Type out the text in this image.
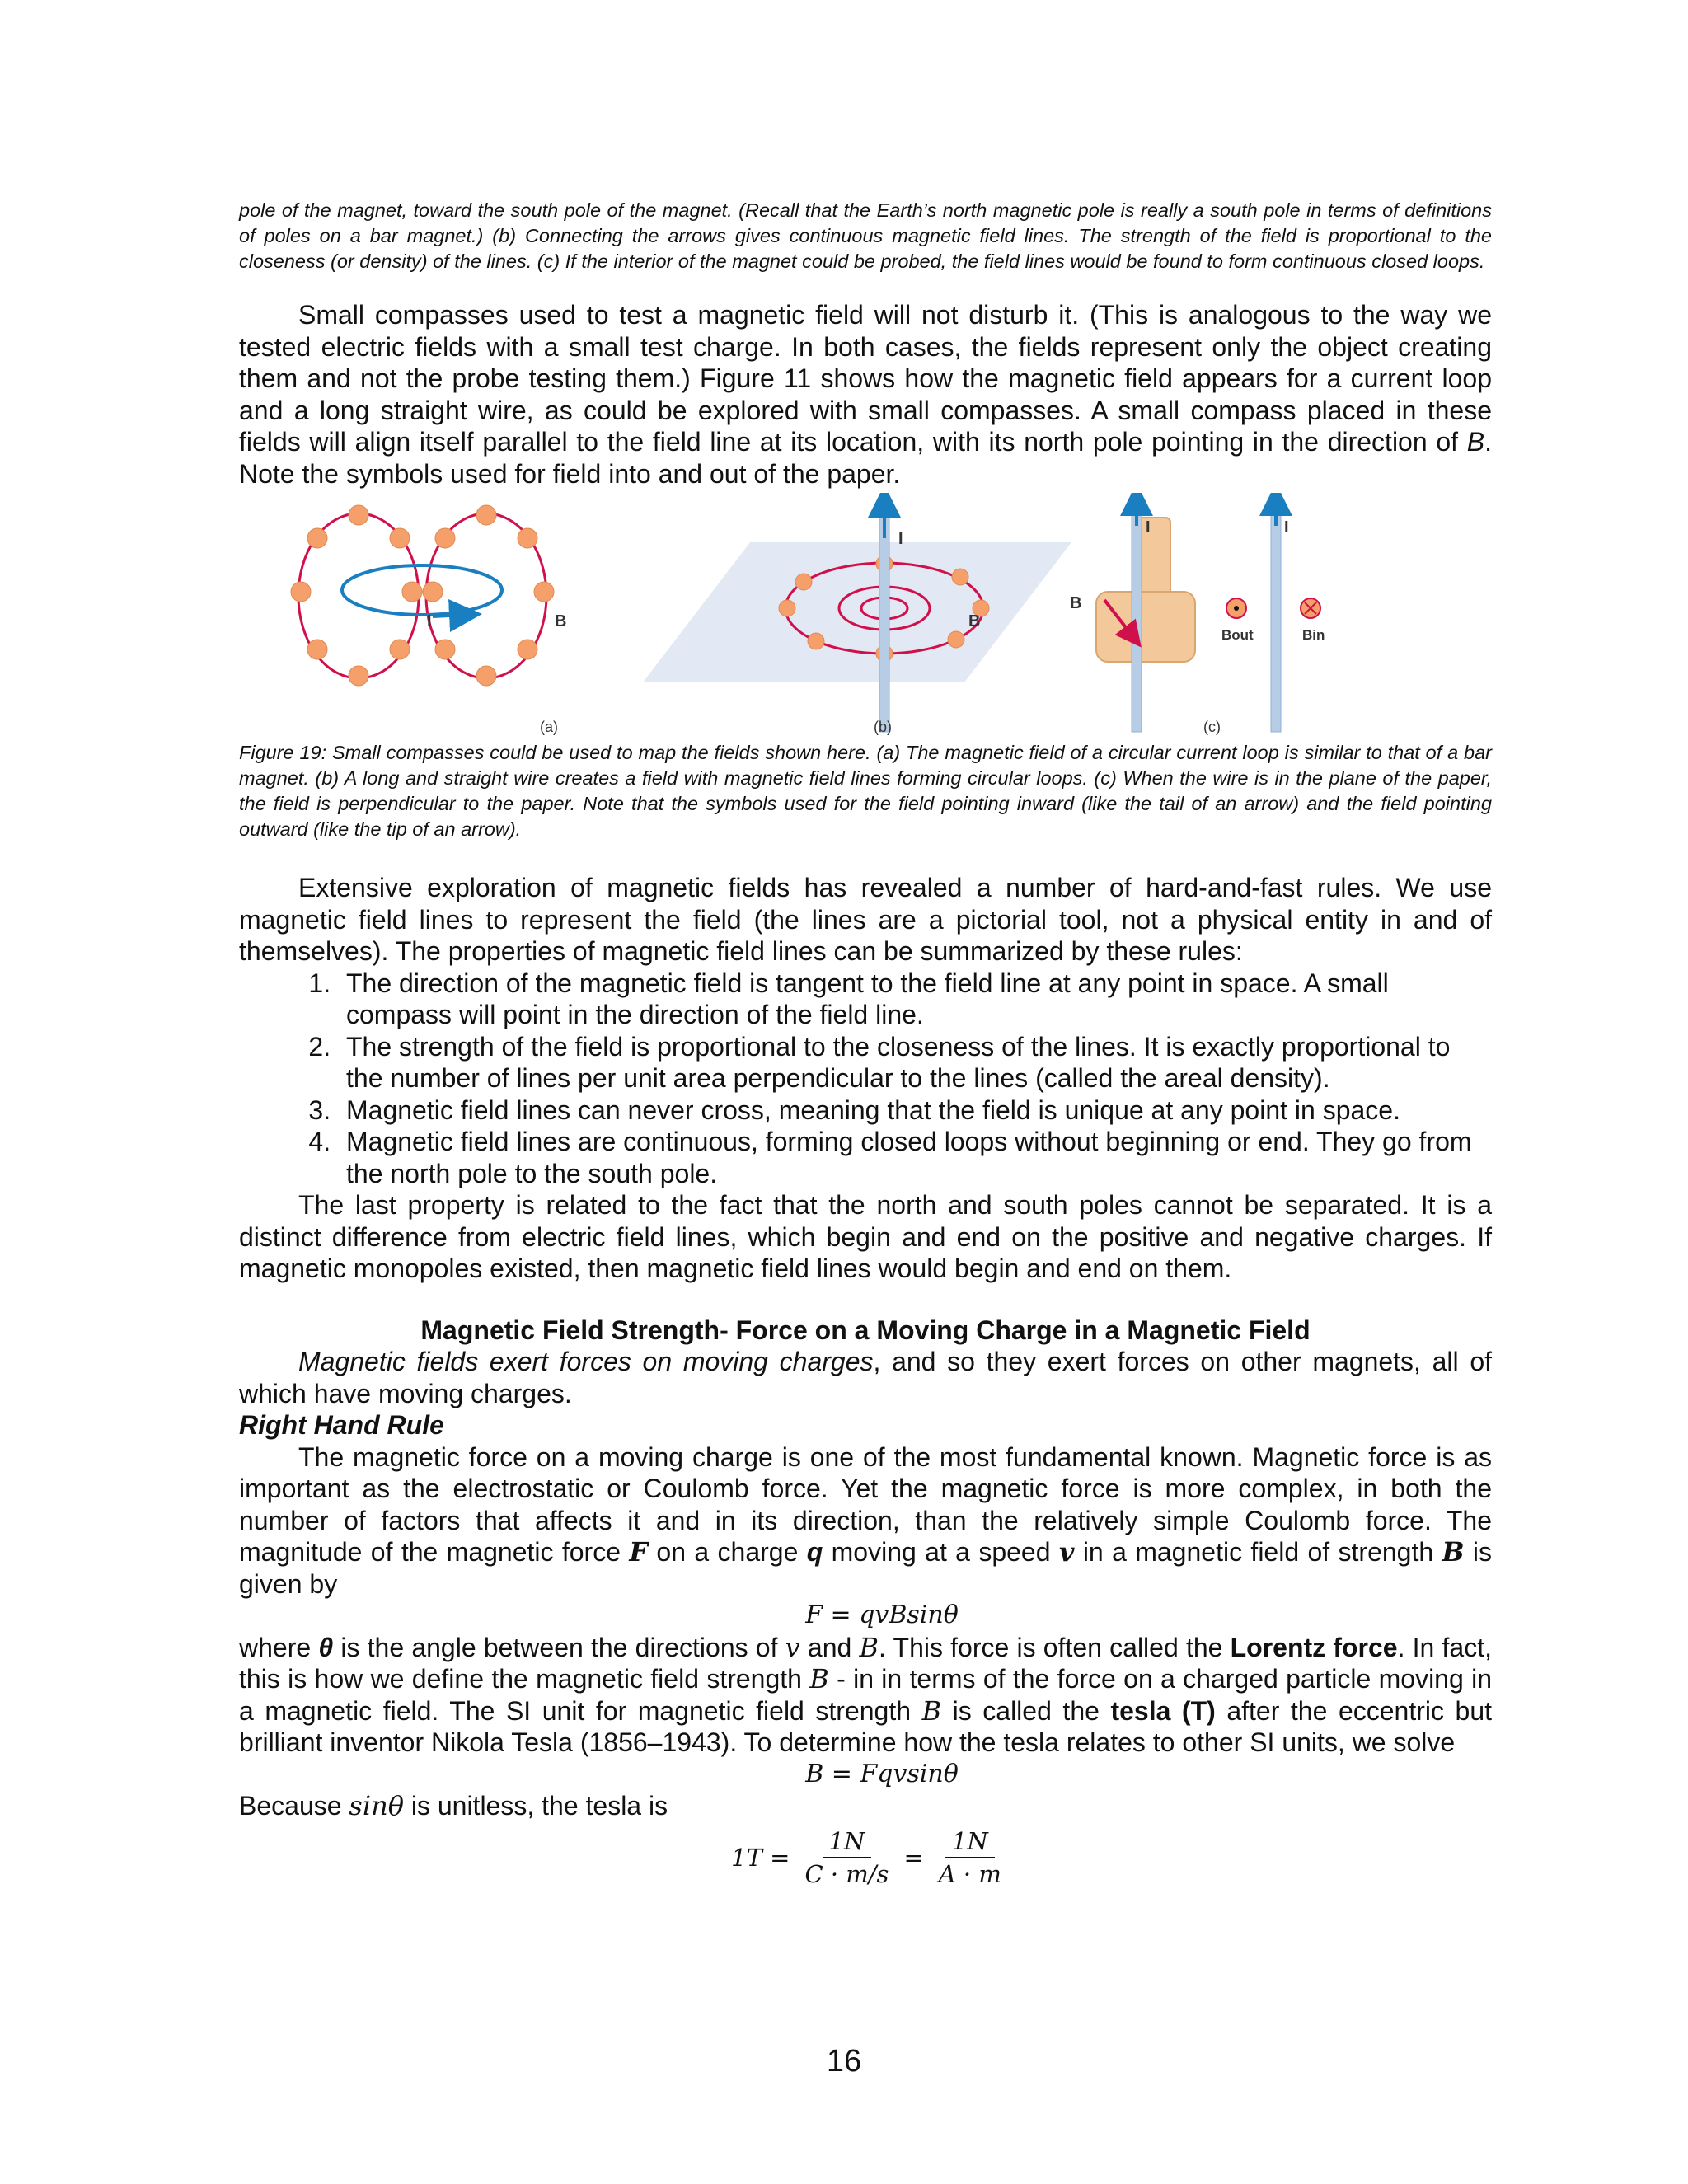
pole of the magnet, toward the south pole of the magnet. (Recall that the Earth’s north magnetic pole is really a south pole in terms of definitions of poles on a bar magnet.) (b) Connecting the arrows gives continuous magnetic field lines. The strength of the field is proportional to the closeness (or density) of the lines. (c) If the interior of the magnet could be probed, the field lines would be found to form continuous closed loops.

Small compasses used to test a magnetic field will not disturb it. (This is analogous to the way we tested electric fields with a small test charge. In both cases, the fields represent only the object creating them and not the probe testing them.) Figure 11 shows how the magnetic field appears for a current loop and a long straight wire, as could be explored with small compasses. A small compass placed in these fields will align itself parallel to the field line at its location, with its north pole pointing in the direction of B. Note the symbols used for field into and out of the paper.

I	B
(a)
I
B
(b)
I
B
I
Bout	Bin
(c)

Figure 19: Small compasses could be used to map the fields shown here. (a) The magnetic field of a circular current loop is similar to that of a bar magnet. (b) A long and straight wire creates a field with magnetic field lines forming circular loops. (c) When the wire is in the plane of the paper, the field is perpendicular to the paper. Note that the symbols used for the field pointing inward (like the tail of an arrow) and the field pointing outward (like the tip of an arrow).

Extensive exploration of magnetic fields has revealed a number of hard-and-fast rules. We use magnetic field lines to represent the field (the lines are a pictorial tool, not a physical entity in and of themselves). The properties of magnetic field lines can be summarized by these rules:

1. The direction of the magnetic field is tangent to the field line at any point in space. A small compass will point in the direction of the field line.
2. The strength of the field is proportional to the closeness of the lines. It is exactly proportional to the number of lines per unit area perpendicular to the lines (called the areal density).
3. Magnetic field lines can never cross, meaning that the field is unique at any point in space.
4. Magnetic field lines are continuous, forming closed loops without beginning or end. They go from the north pole to the south pole.

The last property is related to the fact that the north and south poles cannot be separated. It is a distinct difference from electric field lines, which begin and end on the positive and negative charges. If magnetic monopoles existed, then magnetic field lines would begin and end on them.

Magnetic Field Strength- Force on a Moving Charge in a Magnetic Field

Magnetic fields exert forces on moving charges, and so they exert forces on other magnets, all of which have moving charges.

Right Hand Rule

The magnetic force on a moving charge is one of the most fundamental known. Magnetic force is as important as the electrostatic or Coulomb force. Yet the magnetic force is more complex, in both the number of factors that affects it and in its direction, than the relatively simple Coulomb force. The magnitude of the magnetic force F on a charge q moving at a speed v in a magnetic field of strength B is given by

F = qvBsinθ

where θ is the angle between the directions of v and B. This force is often called the Lorentz force. In fact, this is how we define the magnetic field strength B - in in terms of the force on a charged particle moving in a magnetic field. The SI unit for magnetic field strength B is called the tesla (T) after the eccentric but brilliant inventor Nikola Tesla (1856–1943). To determine how the tesla relates to other SI units, we solve

B = Fqvsinθ

Because sinθ is unitless, the tesla is

$1T = \frac{1N}{C \cdot m/s} = \frac{1N}{A \cdot m}$
16
